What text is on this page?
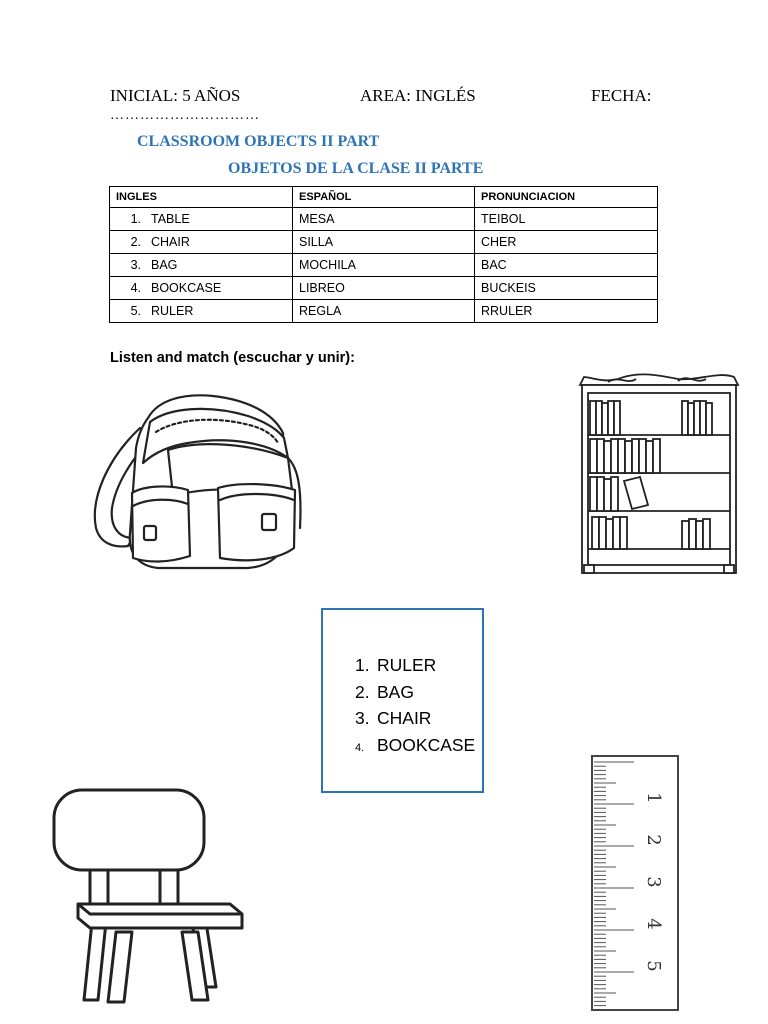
INICIAL: 5 AÑOS	AREA: INGLÉS	FECHA:
…………………………
CLASSROOM OBJECTS II PART
OBJETOS DE LA CLASE II PARTE
INGLES	ESPAÑOL	PRONUNCIACION
1. TABLE	MESA	TEIBOL
2. CHAIR	SILLA	CHER
3. BAG	MOCHILA	BAC
4. BOOKCASE	LIBREO	BUCKEIS
5. RULER	REGLA	RRULER
Listen and match (escuchar y unir):
1. RULER
2. BAG
3. CHAIR
4. BOOKCASE
1
2
3
4
5
